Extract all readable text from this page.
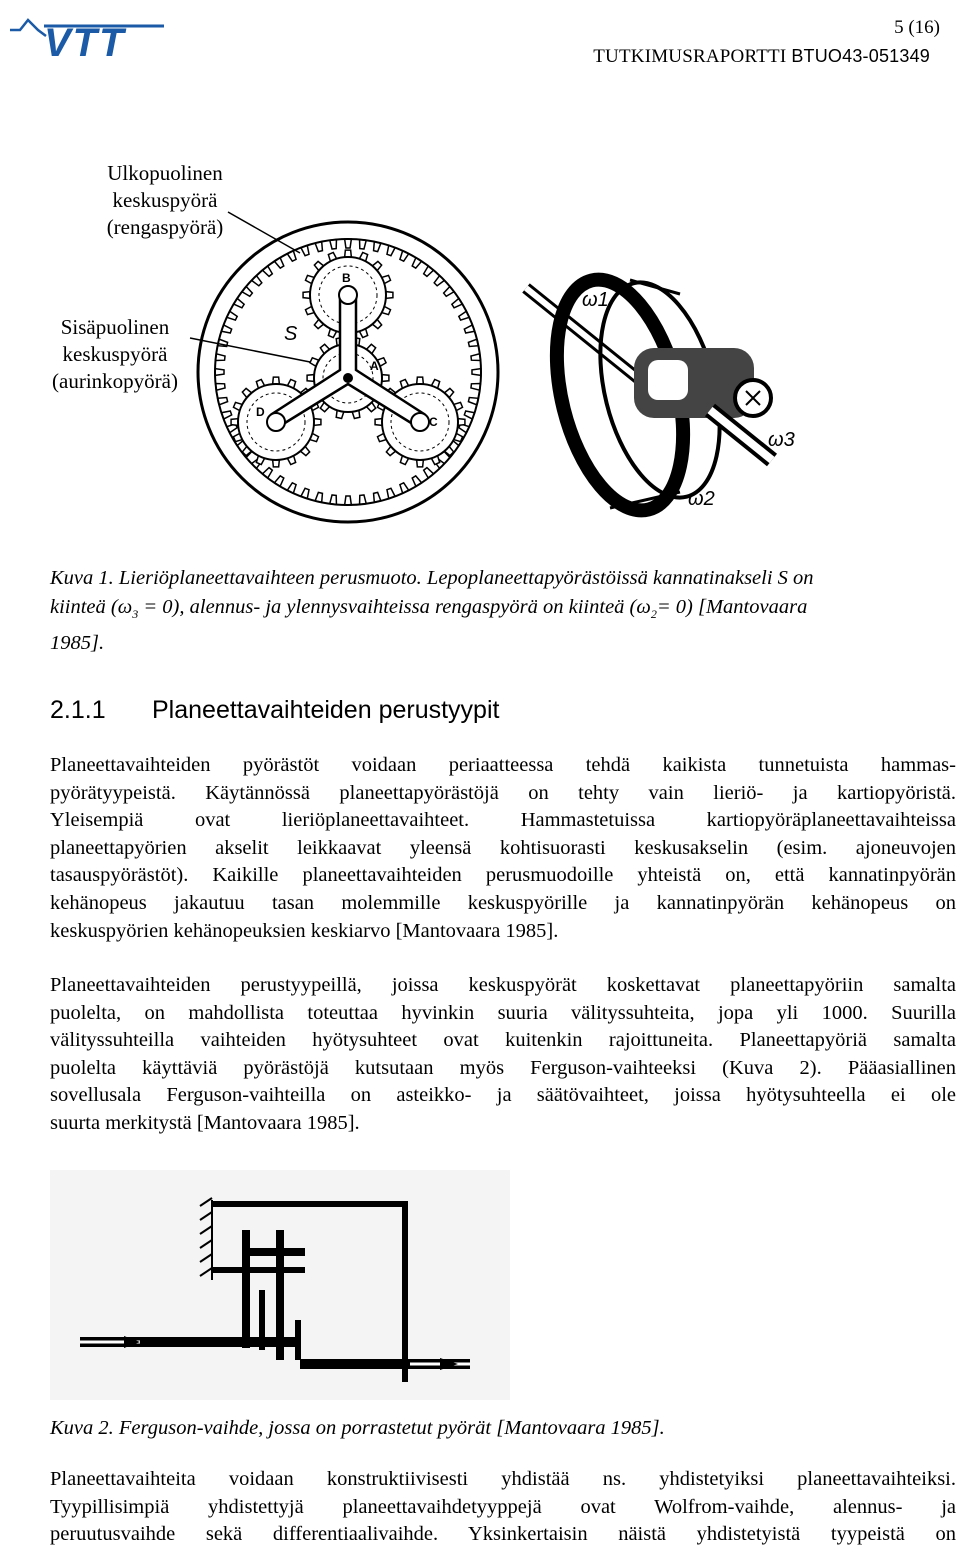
VTT	5 (16)
TUTKIMUSRAPORTTI BTUO43-051349
Ulkopuolinen
keskuspyörä
(rengaspyörä)
Sisäpuolinen
keskuspyörä
(aurinkopyörä)
S
B
A
C
D
ω1
ω3
ω2
Kuva 1. Lieriöplaneettavaihteen perusmuoto. Lepoplaneettapyörästöissä kannatinakseli S on
kiinteä $(\omega_3 = 0)$, alennus- ja ylennysvaihteissa rengaspyörä on kiinteä $(\omega_2= 0)$ [Mantovaara
1985].
2.1.1 Planeettavaihteiden perustyypit
Planeettavaihteiden pyörästöt voidaan periaatteessa tehdä kaikista tunnetuista hammas-
pyörätyypeistä. Käytännössä planeettapyörästöjä on tehty vain lieriö- ja kartiopyöristä.
Yleisempiä ovat lieriöplaneettavaihteet. Hammastetuissa kartiopyöräplaneettavaihteissa
planeettapyörien akselit leikkaavat yleensä kohtisuorasti keskusakselin (esim. ajoneuvojen
tasauspyörästöt). Kaikille planeettavaihteiden perusmuodoille yhteistä on, että kannatinpyörän
kehänopeus jakautuu tasan molemmille keskuspyörille ja kannatinpyörän kehänopeus on
keskuspyörien kehänopeuksien keskiarvo [Mantovaara 1985].
Planeettavaihteiden perustyypeillä, joissa keskuspyörät koskettavat planeettapyöriin samalta
puolelta, on mahdollista toteuttaa hyvinkin suuria välityssuhteita, jopa yli 1000. Suurilla
välityssuhteilla vaihteiden hyötysuhteet ovat kuitenkin rajoittuneita. Planeettapyöriä samalta
puolelta käyttäviä pyörästöjä kutsutaan myös Ferguson-vaihteeksi (Kuva 2). Pääasiallinen
sovellusala Ferguson-vaihteilla on asteikko- ja säätövaihteet, joissa hyötysuhteella ei ole
suurta merkitystä [Mantovaara 1985].
Kuva 2. Ferguson-vaihde, jossa on porrastetut pyörät [Mantovaara 1985].
Planeettavaihteita voidaan konstruktiivisesti yhdistää ns. yhdistetyiksi planeettavaihteiksi.
Tyypillisimpiä yhdistettyjä planeettavaihdetyyppejä ovat Wolfrom-vaihde, alennus- ja
peruutusvaihde sekä differentiaalivaihde. Yksinkertaisin näistä yhdistetyistä tyypeistä on
